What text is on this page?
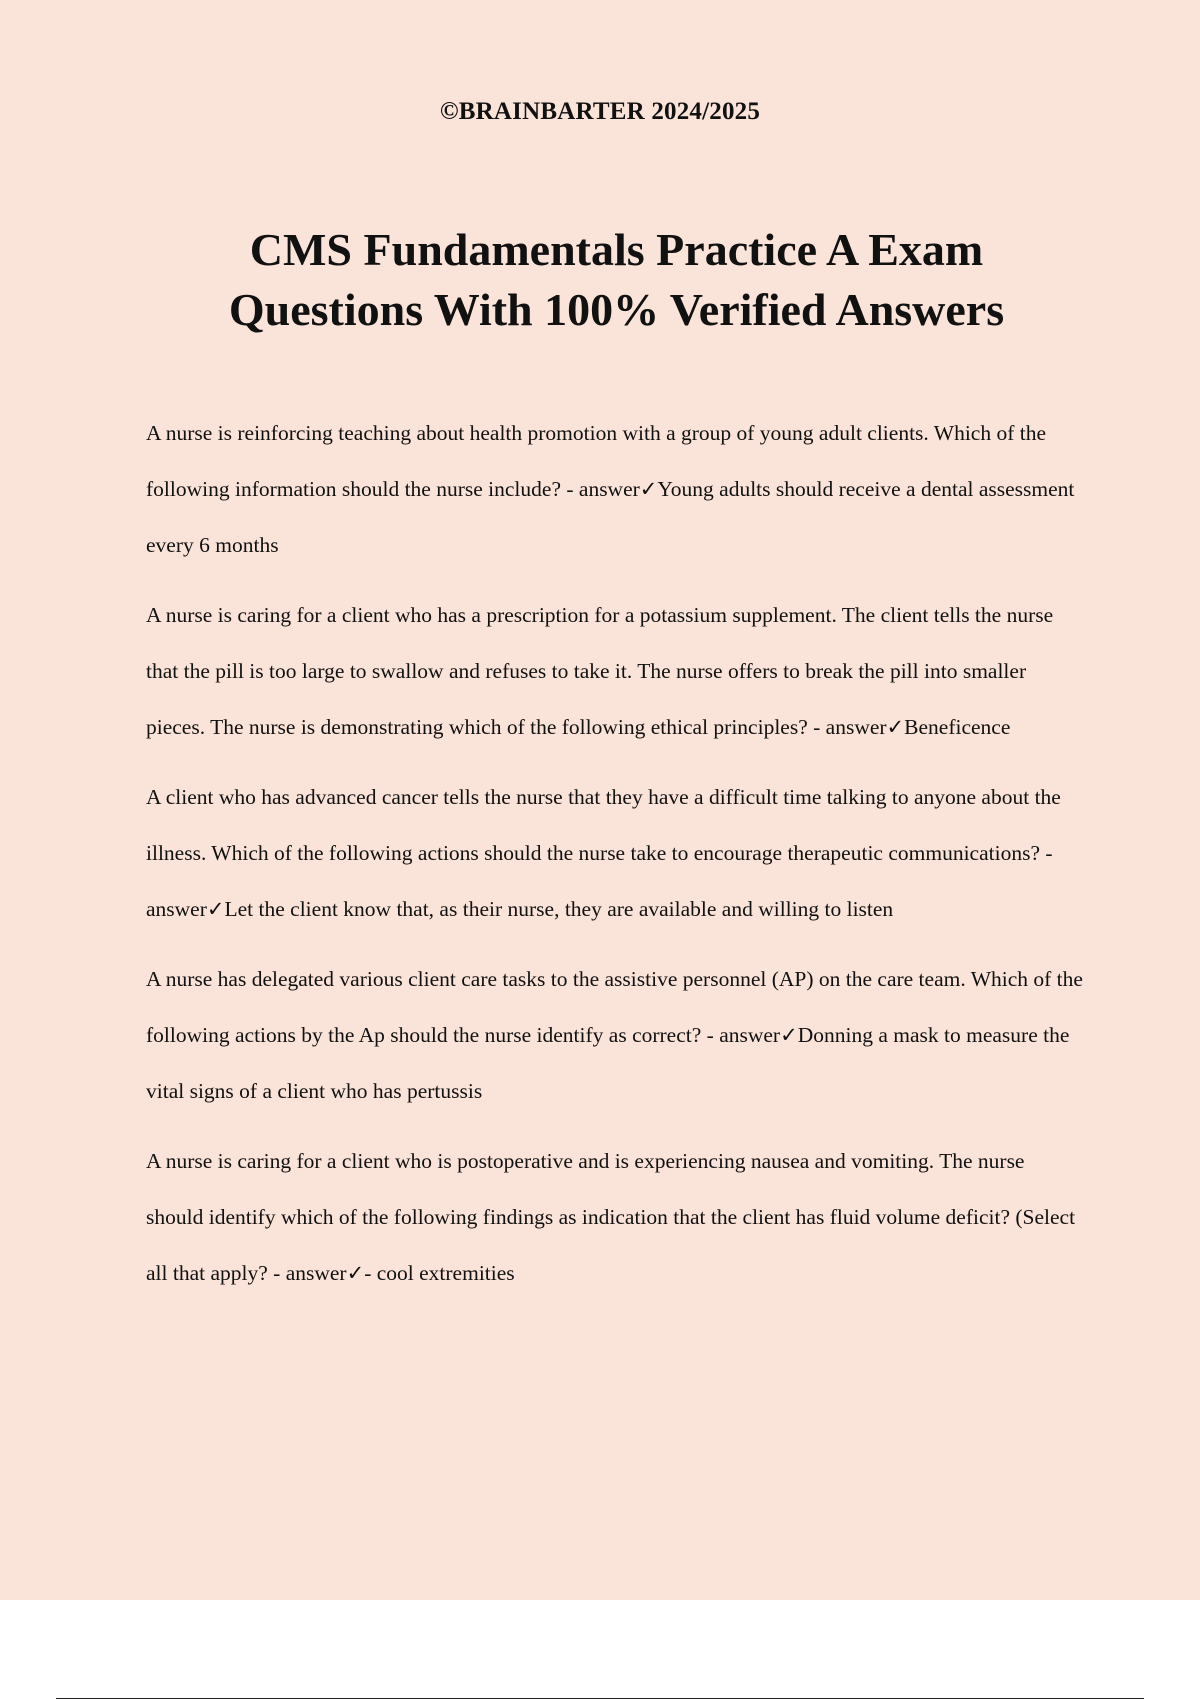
©BRAINBARTER 2024/2025
CMS Fundamentals Practice A Exam
Questions With 100% Verified Answers

A nurse is reinforcing teaching about health promotion with a group of young adult clients. Which of the following information should the nurse include? - answer✓Young adults should receive a dental assessment every 6 months

A nurse is caring for a client who has a prescription for a potassium supplement. The client tells the nurse that the pill is too large to swallow and refuses to take it. The nurse offers to break the pill into smaller pieces. The nurse is demonstrating which of the following ethical principles? - answer✓Beneficence

A client who has advanced cancer tells the nurse that they have a difficult time talking to anyone about the illness. Which of the following actions should the nurse take to encourage therapeutic communications? - answer✓Let the client know that, as their nurse, they are available and willing to listen

A nurse has delegated various client care tasks to the assistive personnel (AP) on the care team. Which of the following actions by the Ap should the nurse identify as correct? - answer✓Donning a mask to measure the vital signs of a client who has pertussis

A nurse is caring for a client who is postoperative and is experiencing nausea and vomiting. The nurse should identify which of the following findings as indication that the client has fluid volume deficit? (Select all that apply? - answer✓- cool extremities
